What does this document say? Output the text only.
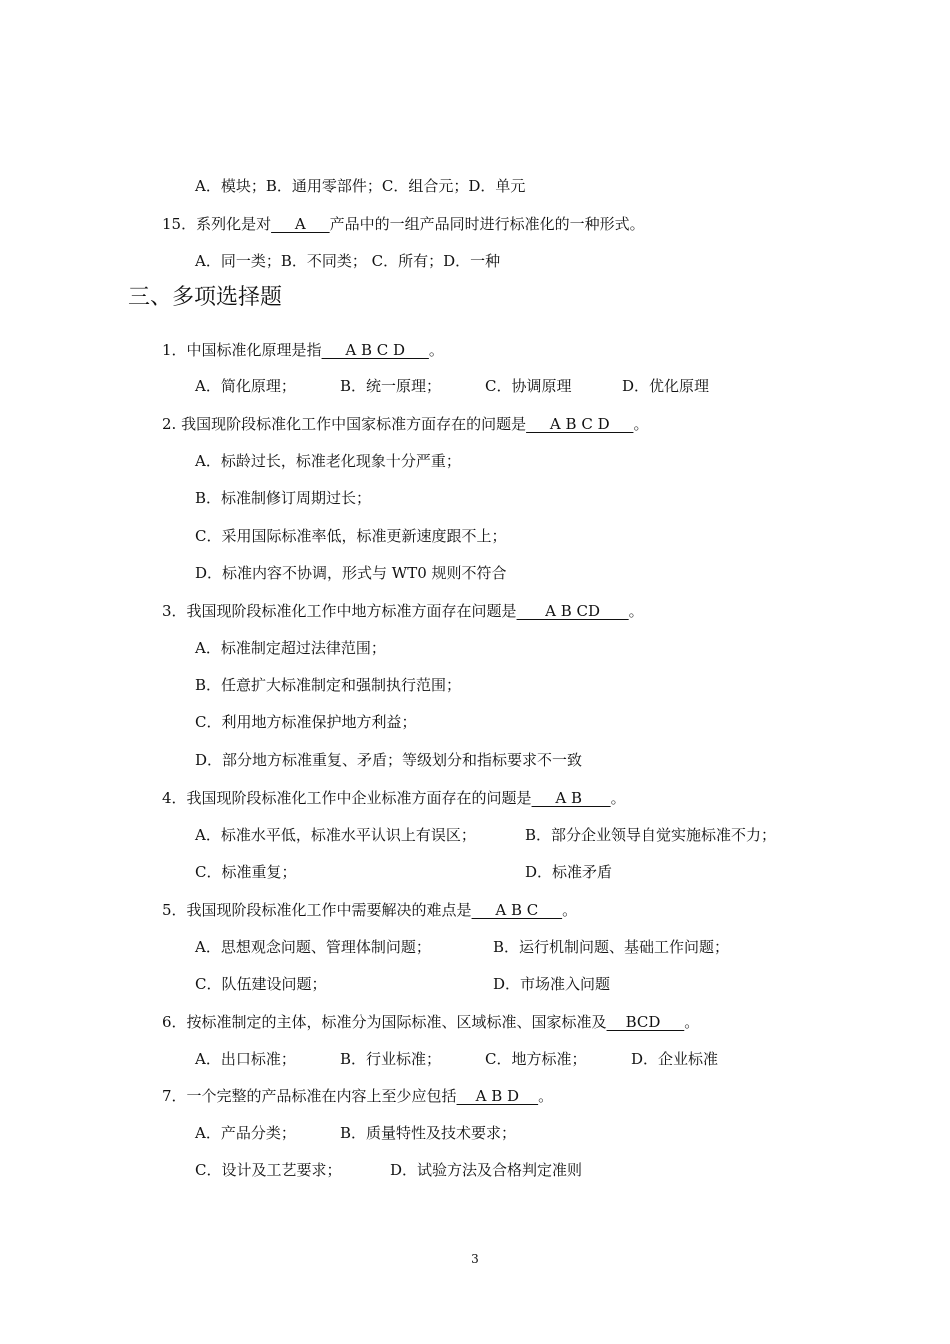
A．模块；B．通用零部件；C．组合元；D．单元
15．系列化是对     A     产品中的一组产品同时进行标准化的一种形式。
A．同一类；B．不同类； C．所有；D．一种
三、多项选择题
1．中国标准化原理是指     A B C D     。
A．简化原理；	B．统一原理；	C．协调原理	D．优化原理
2. 我国现阶段标准化工作中国家标准方面存在的问题是     A B C D     。
A．标龄过长，标准老化现象十分严重；
B．标准制修订周期过长；
C．采用国际标准率低，标准更新速度跟不上；
D．标准内容不协调，形式与 WT0 规则不符合
3．我国现阶段标准化工作中地方标准方面存在问题是      A B CD      。
A．标准制定超过法律范围；
B．任意扩大标准制定和强制执行范围；
C．利用地方标准保护地方利益；
D．部分地方标准重复、矛盾；等级划分和指标要求不一致
4．我国现阶段标准化工作中企业标准方面存在的问题是     A B      。
A．标准水平低，标准水平认识上有误区；	B．部分企业领导自觉实施标准不力；
C．标准重复；	D．标准矛盾
5．我国现阶段标准化工作中需要解决的难点是     A B C     。
A．思想观念问题、管理体制问题；	B．运行机制问题、基础工作问题；
C．队伍建设问题；	D．市场准入问题
6．按标准制定的主体，标准分为国际标准、区域标准、国家标准及    BCD     。
A．出口标准；	B．行业标准；	C．地方标准；	D．企业标准
7．一个完整的产品标准在内容上至少应包括    A B D    。
A．产品分类；	B．质量特性及技术要求；
C．设计及工艺要求；	D．试验方法及合格判定准则
3
